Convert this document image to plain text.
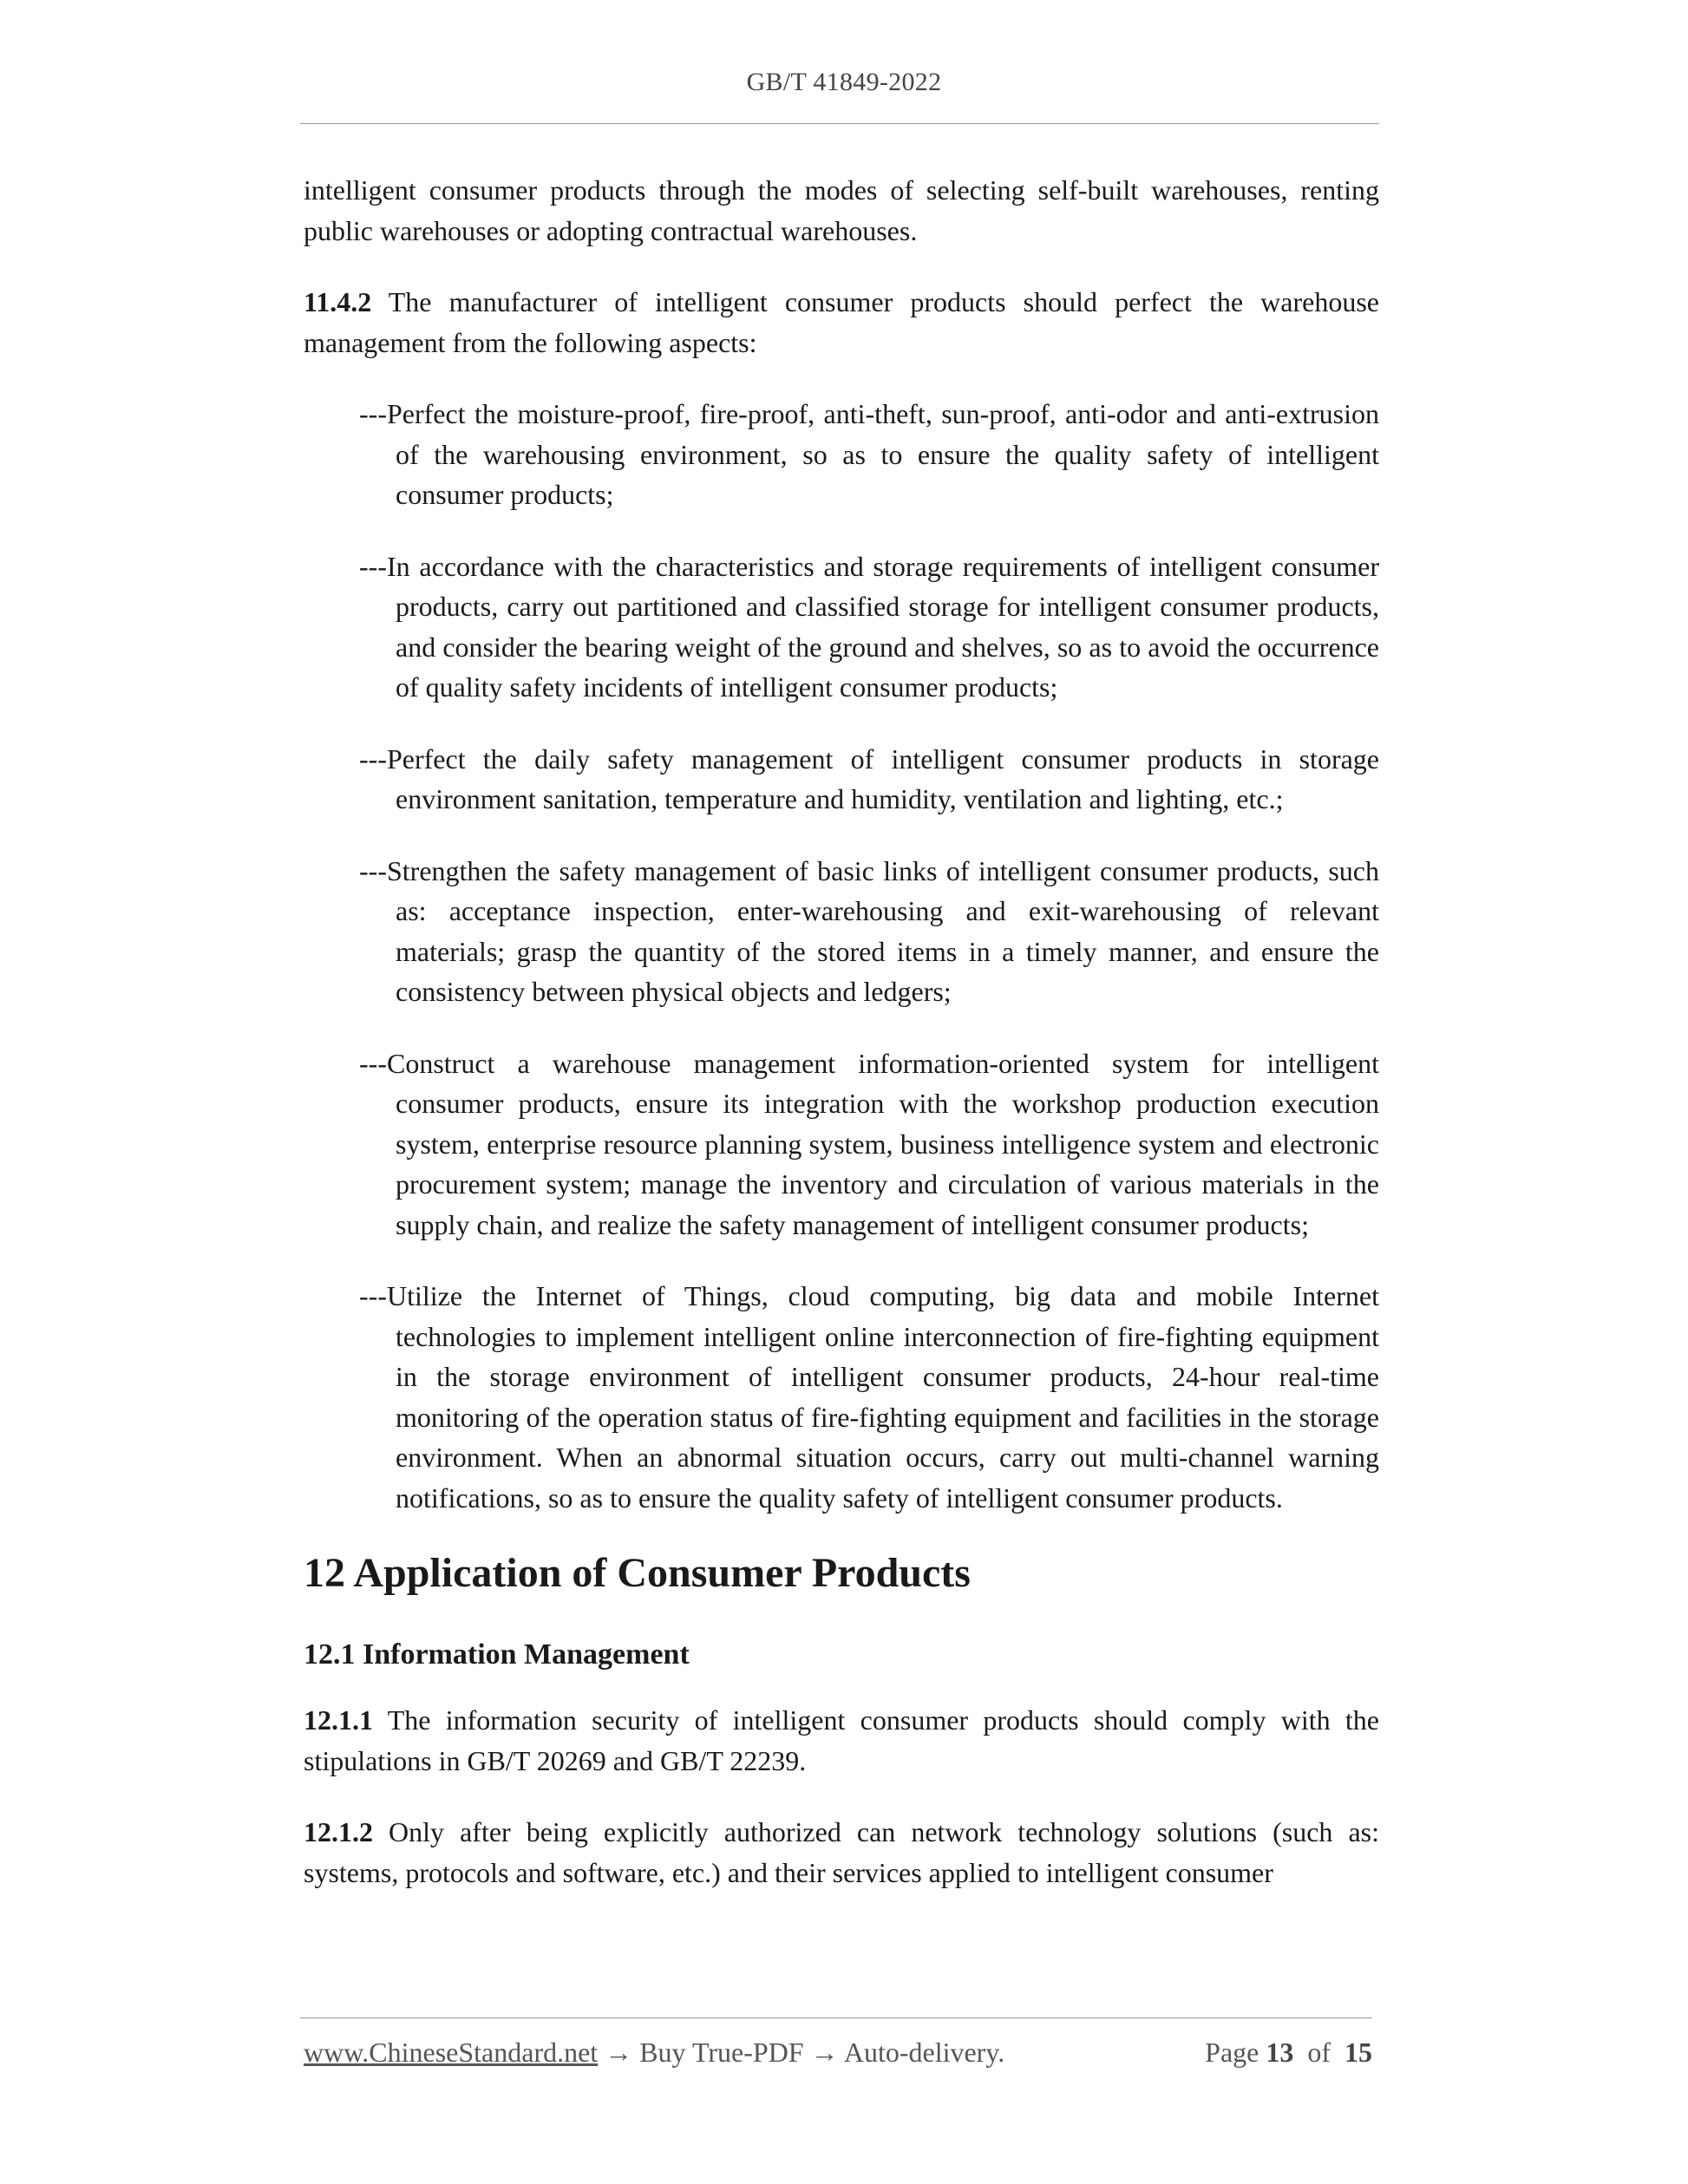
GB/T 41849-2022

intelligent consumer products through the modes of selecting self-built warehouses, renting public warehouses or adopting contractual warehouses.

11.4.2 The manufacturer of intelligent consumer products should perfect the warehouse management from the following aspects:

---Perfect the moisture-proof, fire-proof, anti-theft, sun-proof, anti-odor and anti-extrusion of the warehousing environment, so as to ensure the quality safety of intelligent consumer products;

---In accordance with the characteristics and storage requirements of intelligent consumer products, carry out partitioned and classified storage for intelligent consumer products, and consider the bearing weight of the ground and shelves, so as to avoid the occurrence of quality safety incidents of intelligent consumer products;

---Perfect the daily safety management of intelligent consumer products in storage environment sanitation, temperature and humidity, ventilation and lighting, etc.;

---Strengthen the safety management of basic links of intelligent consumer products, such as: acceptance inspection, enter-warehousing and exit-warehousing of relevant materials; grasp the quantity of the stored items in a timely manner, and ensure the consistency between physical objects and ledgers;

---Construct a warehouse management information-oriented system for intelligent consumer products, ensure its integration with the workshop production execution system, enterprise resource planning system, business intelligence system and electronic procurement system; manage the inventory and circulation of various materials in the supply chain, and realize the safety management of intelligent consumer products;

---Utilize the Internet of Things, cloud computing, big data and mobile Internet technologies to implement intelligent online interconnection of fire-fighting equipment in the storage environment of intelligent consumer products, 24-hour real-time monitoring of the operation status of fire-fighting equipment and facilities in the storage environment. When an abnormal situation occurs, carry out multi-channel warning notifications, so as to ensure the quality safety of intelligent consumer products.

12 Application of Consumer Products
12.1 Information Management

12.1.1 The information security of intelligent consumer products should comply with the stipulations in GB/T 20269 and GB/T 22239.

12.1.2 Only after being explicitly authorized can network technology solutions (such as: systems, protocols and software, etc.) and their services applied to intelligent consumer

www.ChineseStandard.net → Buy True-PDF → Auto-delivery.	Page 13 of 15
